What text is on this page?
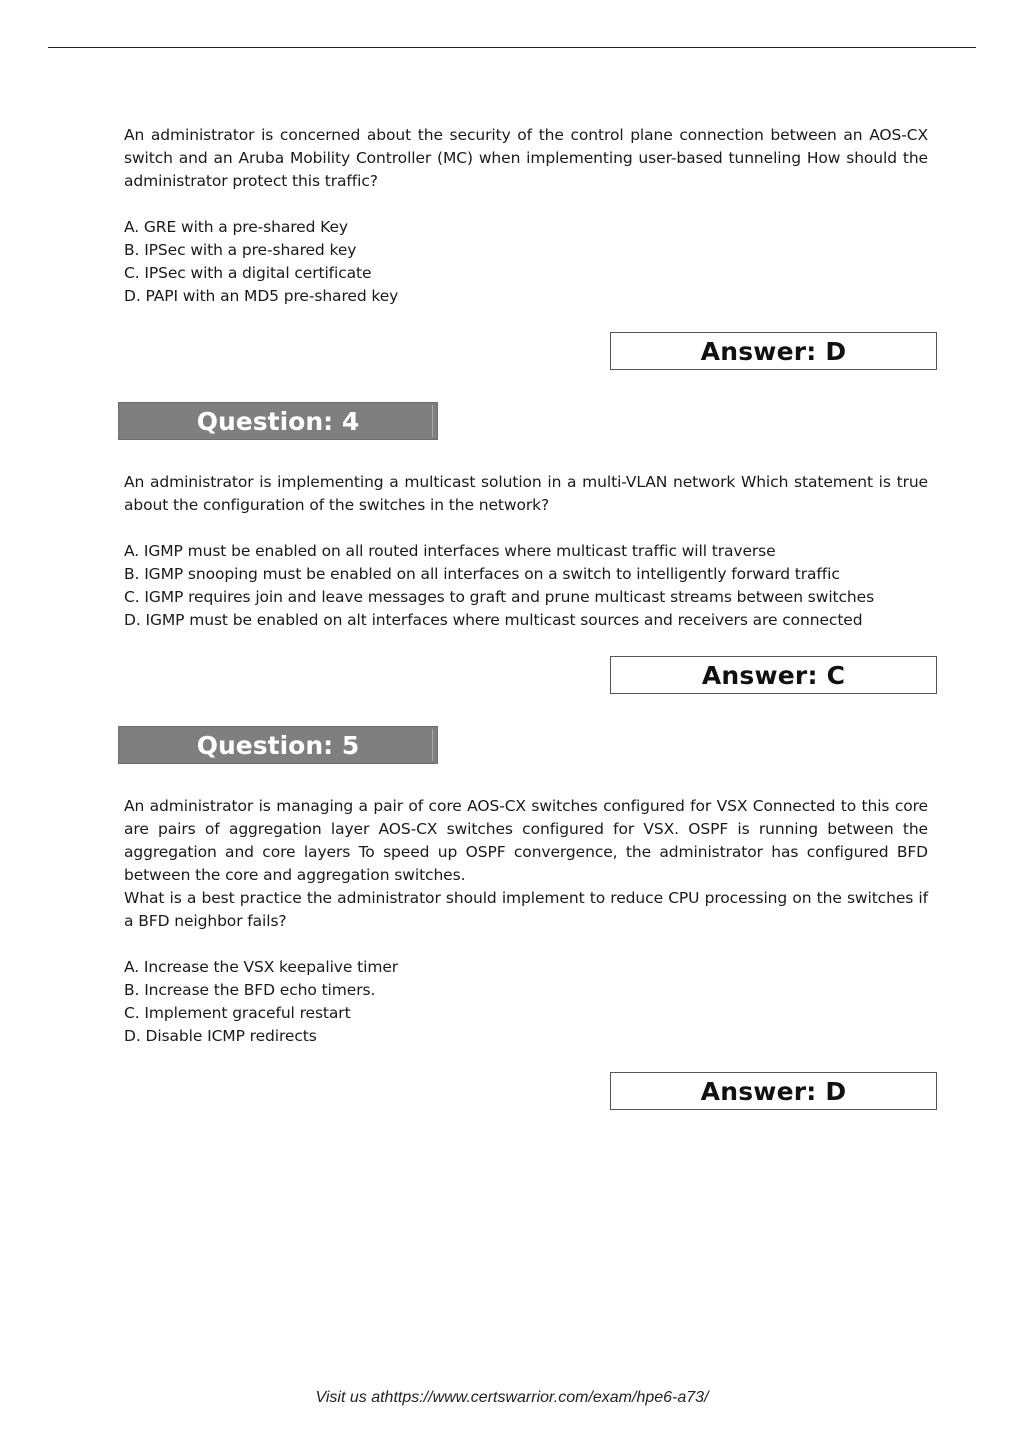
An administrator is concerned about the security of the control plane connection between an AOS-CX switch and an Aruba Mobility Controller (MC) when implementing user-based tunneling How should the administrator protect this traffic?

A. GRE with a pre-shared Key
B. IPSec with a pre-shared key
C. IPSec with a digital certificate
D. PAPI with an MD5 pre-shared key
Answer: D
Question: 4

An administrator is implementing a multicast solution in a multi-VLAN network Which statement is true about the configuration of the switches in the network?

A. IGMP must be enabled on all routed interfaces where multicast traffic will traverse
B. IGMP snooping must be enabled on all interfaces on a switch to intelligently forward traffic
C. IGMP requires join and leave messages to graft and prune multicast streams between switches
D. IGMP must be enabled on alt interfaces where multicast sources and receivers are connected
Answer: C
Question: 5

An administrator is managing a pair of core AOS-CX switches configured for VSX Connected to this core are pairs of aggregation layer AOS-CX switches configured for VSX. OSPF is running between the aggregation and core layers To speed up OSPF convergence, the administrator has configured BFD between the core and aggregation switches.

What is a best practice the administrator should implement to reduce CPU processing on the switches if a BFD neighbor fails?

A. Increase the VSX keepalive timer
B. Increase the BFD echo timers.
C. Implement graceful restart
D. Disable ICMP redirects
Answer: D
Visit us athttps://www.certswarrior.com/exam/hpe6-a73/
